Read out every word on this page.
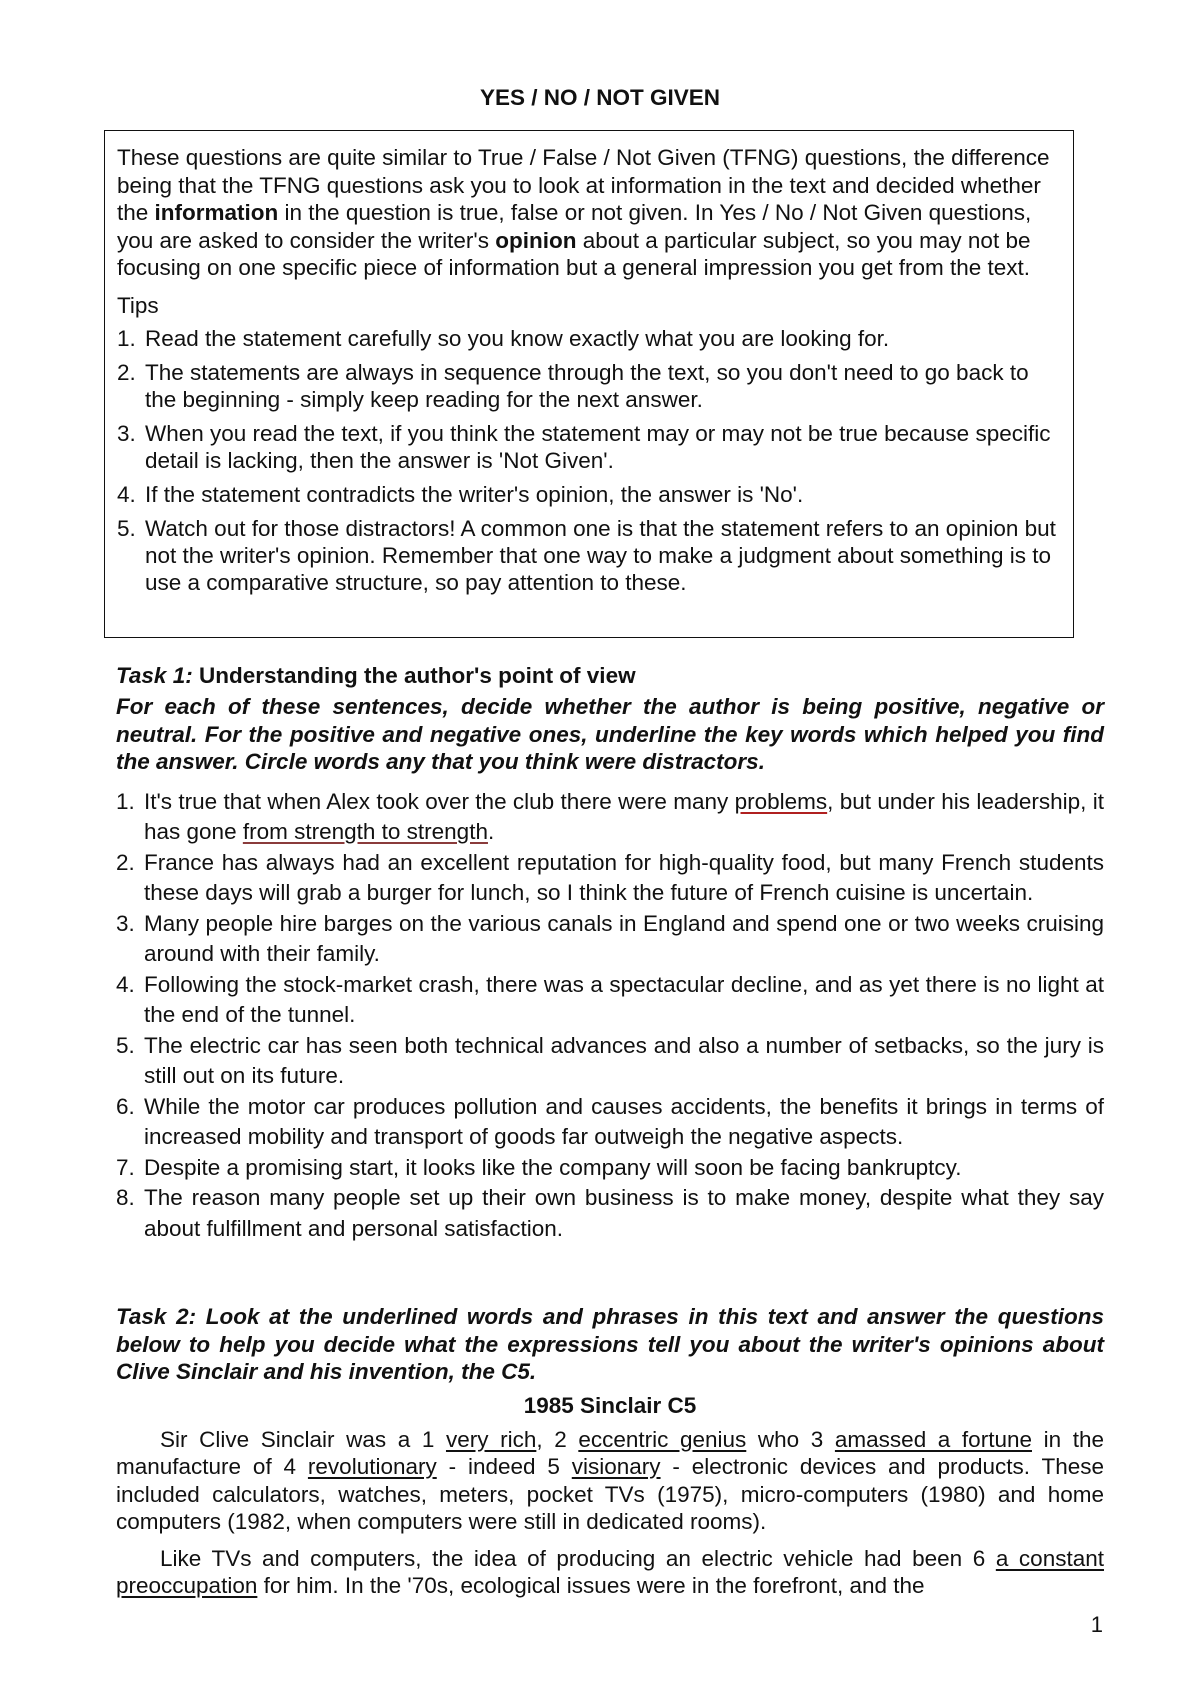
YES / NO / NOT GIVEN

These questions are quite similar to True / False / Not Given (TFNG) questions, the difference being that the TFNG questions ask you to look at information in the text and decided whether the information in the question is true, false or not given. In Yes / No / Not Given questions, you are asked to consider the writer's opinion about a particular subject, so you may not be focusing on one specific piece of information but a general impression you get from the text.

Tips

1. Read the statement carefully so you know exactly what you are looking for.
2. The statements are always in sequence through the text, so you don't need to go back to the beginning - simply keep reading for the next answer.
3. When you read the text, if you think the statement may or may not be true because specific detail is lacking, then the answer is 'Not Given'.
4. If the statement contradicts the writer's opinion, the answer is 'No'.
5. Watch out for those distractors! A common one is that the statement refers to an opinion but not the writer's opinion. Remember that one way to make a judgment about something is to use a comparative structure, so pay attention to these.
Task 1: Understanding the author's point of view
For each of these sentences, decide whether the author is being positive, negative or neutral. For the positive and negative ones, underline the key words which helped you find the answer. Circle words any that you think were distractors.
1. It's true that when Alex took over the club there were many problems, but under his leadership, it has gone from strength to strength.
2. France has always had an excellent reputation for high-quality food, but many French students these days will grab a burger for lunch, so I think the future of French cuisine is uncertain.
3. Many people hire barges on the various canals in England and spend one or two weeks cruising around with their family.
4. Following the stock-market crash, there was a spectacular decline, and as yet there is no light at the end of the tunnel.
5. The electric car has seen both technical advances and also a number of setbacks, so the jury is still out on its future.
6. While the motor car produces pollution and causes accidents, the benefits it brings in terms of increased mobility and transport of goods far outweigh the negative aspects.
7. Despite a promising start, it looks like the company will soon be facing bankruptcy.
8. The reason many people set up their own business is to make money, despite what they say about fulfillment and personal satisfaction.
Task 2: Look at the underlined words and phrases in this text and answer the questions below to help you decide what the expressions tell you about the writer's opinions about Clive Sinclair and his invention, the C5.
1985 Sinclair C5
Sir Clive Sinclair was a 1 very rich, 2 eccentric genius who 3 amassed a fortune in the manufacture of 4 revolutionary - indeed 5 visionary - electronic devices and products. These included calculators, watches, meters, pocket TVs (1975), micro-computers (1980) and home computers (1982, when computers were still in dedicated rooms).
Like TVs and computers, the idea of producing an electric vehicle had been 6 a constant preoccupation for him. In the '70s, ecological issues were in the forefront, and the
1
